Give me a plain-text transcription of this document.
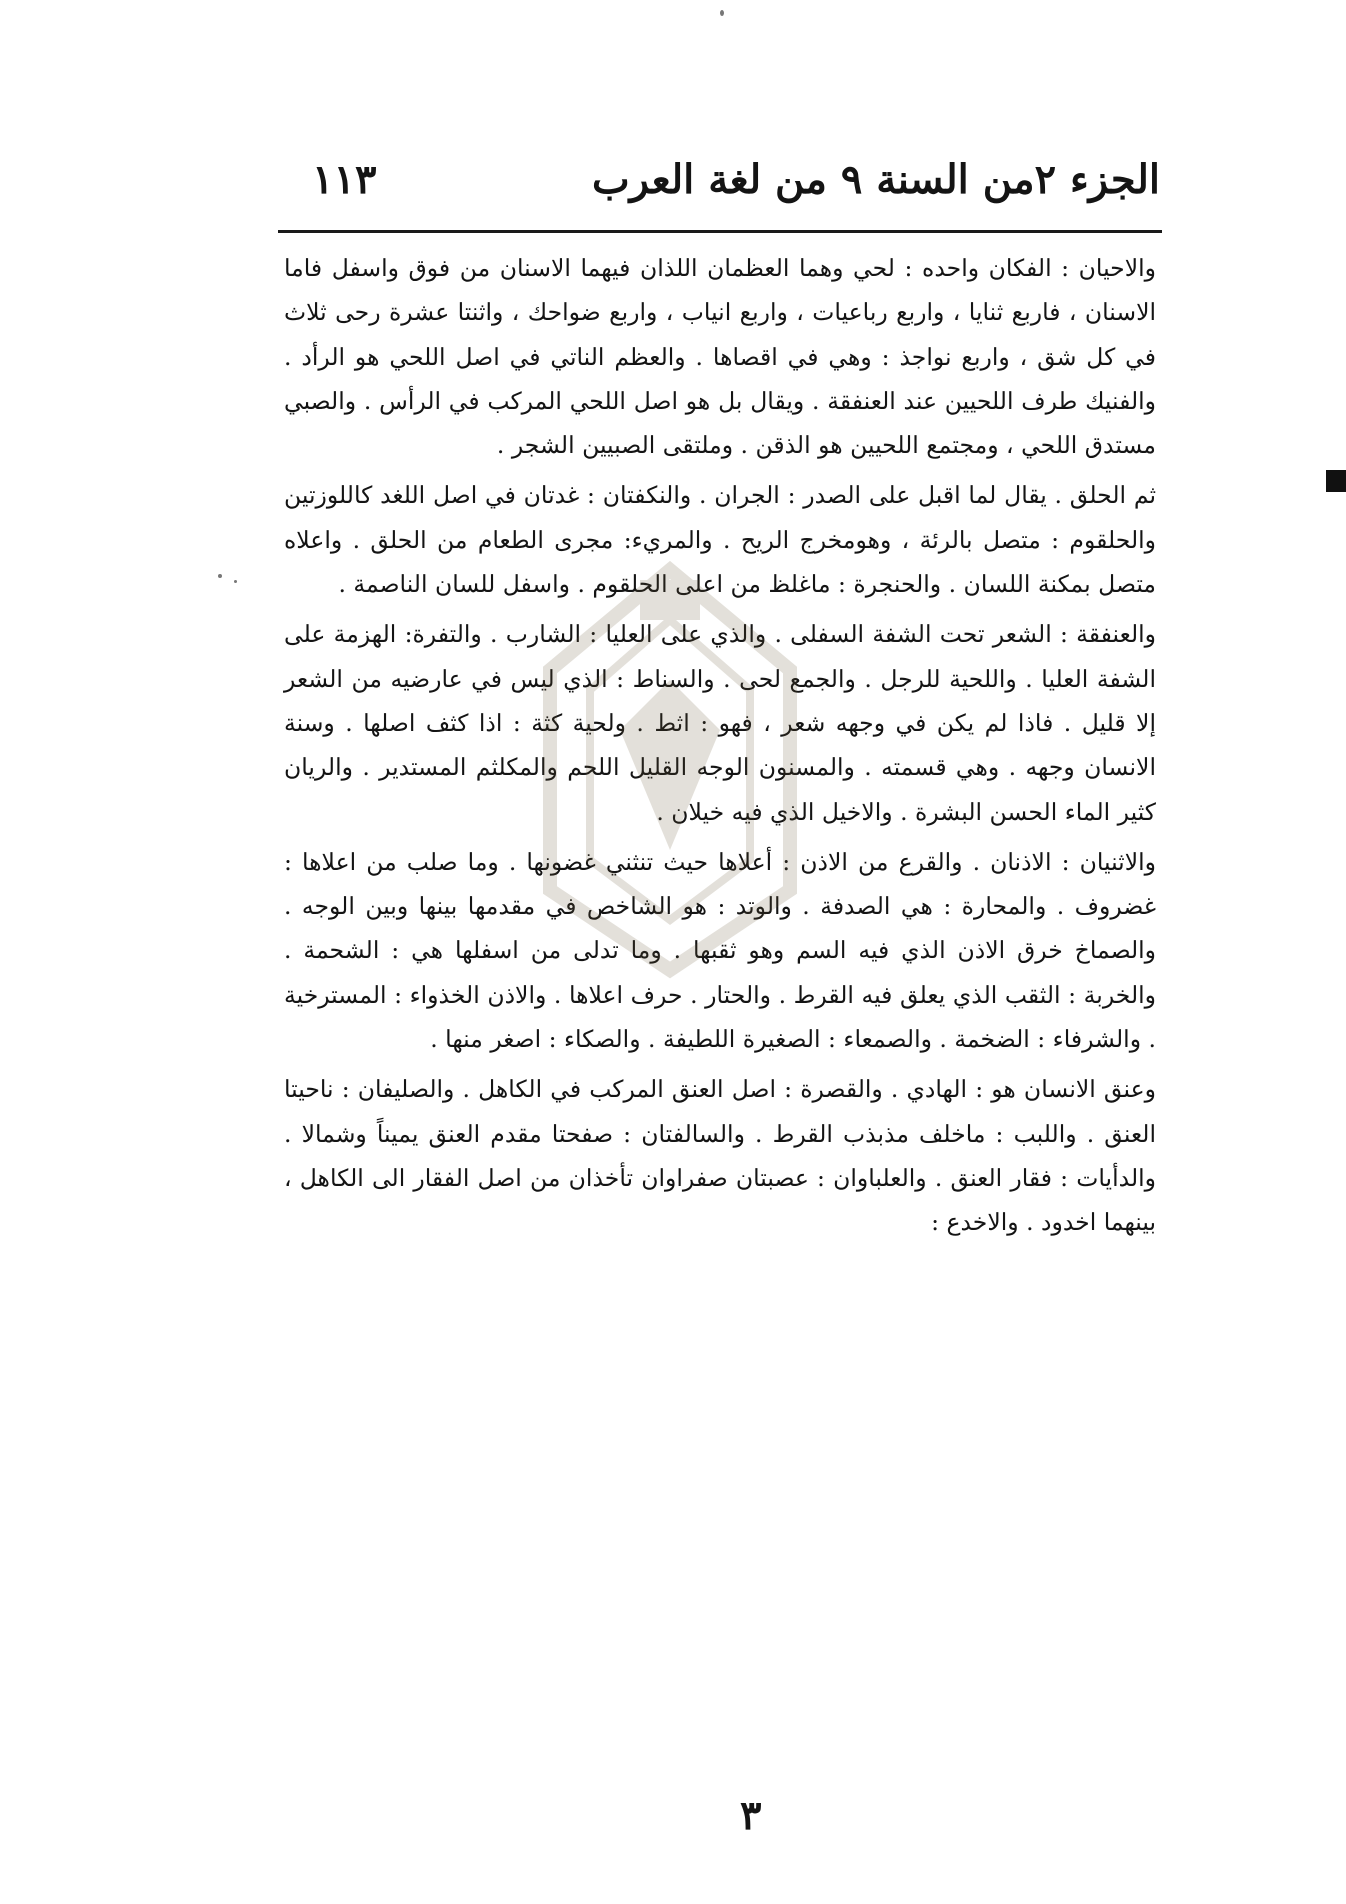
الجزء ٢من السنة ٩ من لغة العرب
١١٣

والاحيان : الفكان واحده : لحي وهما العظمان اللذان فيهما الاسنان من فوق واسفل فاما الاسنان ، فاربع ثنايا ، واربع رباعيات ، واربع انياب ، واربع ضواحك ، واثنتا عشرة رحى ثلاث في كل شق ، واربع نواجذ : وهي في اقصاها . والعظم الناتي في اصل اللحي هو الرأد . والفنيك طرف اللحيين عند العنفقة . ويقال بل هو اصل اللحي المركب في الرأس . والصبي مستدق اللحي ، ومجتمع اللحيين هو الذقن . وملتقى الصبيين الشجر .

ثم الحلق . يقال لما اقبل على الصدر : الجران . والنكفتان : غدتان في اصل اللغد كاللوزتين والحلقوم : متصل بالرئة ، وهومخرج الريح . والمريء: مجرى الطعام من الحلق . واعلاه متصل بمكنة اللسان . والحنجرة : ماغلظ من اعلى الحلقوم . واسفل للسان الناصمة .

والعنفقة : الشعر تحت الشفة السفلى . والذي على العليا : الشارب . والتفرة: الهزمة على الشفة العليا . واللحية للرجل . والجمع لحى . والسناط : الذي ليس في عارضيه من الشعر إلا قليل . فاذا لم يكن في وجهه شعر ، فهو : اثط . ولحية كثة : اذا كثف اصلها . وسنة الانسان وجهه . وهي قسمته . والمسنون الوجه القليل اللحم والمكلثم المستدير . والريان كثير الماء الحسن البشرة . والاخيل الذي فيه خيلان .

والاثنيان : الاذنان . والقرع من الاذن : أعلاها حيث تنثني غضونها . وما صلب من اعلاها : غضروف . والمحارة : هي الصدفة . والوتد : هو الشاخص في مقدمها بينها وبين الوجه . والصماخ خرق الاذن الذي فيه السم وهو ثقبها . وما تدلى من اسفلها هي : الشحمة . والخربة : الثقب الذي يعلق فيه القرط . والحتار . حرف اعلاها . والاذن الخذواء : المسترخية . والشرفاء : الضخمة . والصمعاء : الصغيرة اللطيفة . والصكاء : اصغر منها .

وعنق الانسان هو : الهادي . والقصرة : اصل العنق المركب في الكاهل . والصليفان : ناحيتا العنق . واللبب : ماخلف مذبذب القرط . والسالفتان : صفحتا مقدم العنق يميناً وشمالا . والدأيات : فقار العنق . والعلباوان : عصبتان صفراوان تأخذان من اصل الفقار الى الكاهل ، بينهما اخدود . والاخدع :

٣
